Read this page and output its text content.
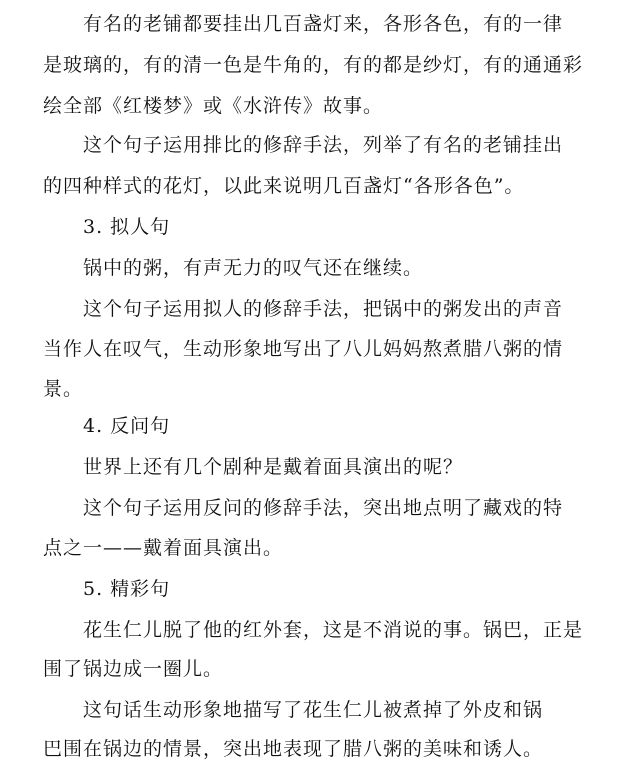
有名的老铺都要挂出几百盏灯来，各形各色，有的一律
是玻璃的，有的清一色是牛角的，有的都是纱灯，有的通通彩
绘全部《红楼梦》或《水浒传》故事。
这个句子运用排比的修辞手法，列举了有名的老铺挂出
的四种样式的花灯，以此来说明几百盏灯“各形各色”。
3. 拟人句
锅中的粥，有声无力的叹气还在继续。
这个句子运用拟人的修辞手法，把锅中的粥发出的声音
当作人在叹气，生动形象地写出了八儿妈妈熬煮腊八粥的情
景。
4. 反问句
世界上还有几个剧种是戴着面具演出的呢？
这个句子运用反问的修辞手法，突出地点明了藏戏的特
点之一——戴着面具演出。
5. 精彩句
花生仁儿脱了他的红外套，这是不消说的事。锅巴，正是
围了锅边成一圈儿。
这句话生动形象地描写了花生仁儿被煮掉了外皮和锅
巴围在锅边的情景，突出地表现了腊八粥的美味和诱人。
